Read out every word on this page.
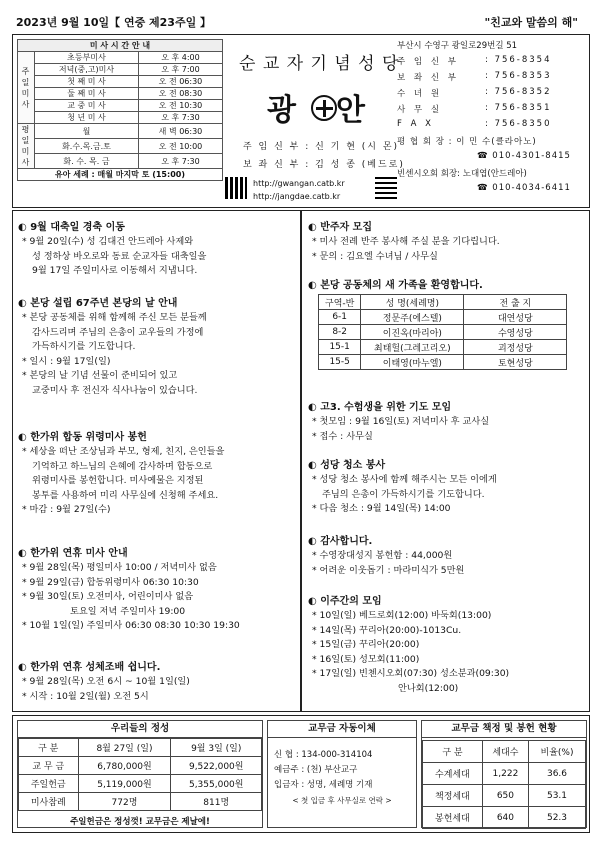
2023년 9월 10일【 연중 제23주일 】	"친교와 말씀의 해"
미 사 시 간 안 내		
주 일 미 사	초등부미사	오 후 4:00
	저녁(중,고)미사	오 후 7:00
	첫 째 미 사	오 전 06:30
	둘 째 미 사	오 전 08:30
	교 중 미 사	오 전 10:30
	청 년 미 사	오 후 7:30
평 일 미 사	월	새 벽 06:30
	화.수.목.금.토	오 전 10:00
	화. 수. 목. 금	오 후 7:30
유아 세례 : 매월 마지막 토 (15:00)		
순 교 자 기 념 성 당
광 안
주 임 신 부 : 신 기 현 (시 몬)
보 좌 신 부 : 김 성 종 (베드로)
http://gwangan.catb.kr
http://jangdae.catb.kr
부산시 수영구 광일로29번길 51
주 임 신 부	: 756-8354
보 좌 신 부	: 756-8353
수 녀 원	: 756-8352
사 무 실	: 756-8351
F A X	: 756-8350
평 협 회 장 : 이 민 수(클라아노)
☎ 010-4301-8415
빈센시오회 회장: 노대엽(안드레아)
☎ 010-4034-6411
◐ 9월 대축일 경축 이동

* 9월 20일(수) 성 김대건 안드레아 사제와

성 정하상 바오로와 동료 순교자들 대축일을

9월 17일 주일미사로 이동해서 지냅니다.

◐ 본당 설립 67주년 본당의 날 안내

* 본당 공동체를 위해 함께해 주신 모든 분들께

감사드리며 주님의 은총이 교우들의 가정에

가득하시기를 기도합니다.

* 일시 : 9월 17일(일)

* 본당의 날 기념 선물이 준비되어 있고

교중미사 후 전신자 식사나눔이 있습니다.

◐ 한가위 합동 위령미사 봉헌

* 세상을 떠난 조상님과 부모, 형제, 친지, 은인들을

기억하고 하느님의 은혜에 감사하며 합동으로

위령미사를 봉헌합니다. 미사예물은 지정된

봉투를 사용하여 미리 사무실에 신청해 주세요.

* 마감 : 9월 27일(수)

◐ 한가위 연휴 미사 안내

* 9월 28일(목) 평일미사 10:00 / 저녁미사 없음

* 9월 29일(금) 합동위령미사 06:30 10:30

* 9월 30일(토) 오전미사, 어린이미사 없음

토요일 저녁 주일미사 19:00

* 10월 1일(일) 주일미사 06:30 08:30 10:30 19:30

◐ 한가위 연휴 성체조배 쉽니다.

* 9월 28일(목) 오전 6시 ~ 10월 1일(일)

* 시작 : 10월 2일(월) 오전 5시

◐ 반주자 모집

* 미사 전례 반주 봉사해 주실 분을 기다립니다.

* 문의 : 김요엘 수녀님 / 사무실

◐ 본당 공동체의 새 가족을 환영합니다.
구역-반	성 명(세례명)	전 출 지
6-1	정문주(에스텔)	대연성당
8-2	이진옥(마리아)	수영성당
15-1	최태헐(그레고리오)	괴정성당
15-5	이태영(마누엘)	토현성당
◐ 고3. 수험생을 위한 기도 모임

* 첫모임 : 9월 16일(토) 저녁미사 후 교사실

* 접수 : 사무실

◐ 성당 청소 봉사

* 성당 청소 봉사에 함께 해주시는 모든 이에게

주님의 은총이 가득하시기를 기도합니다.

* 다음 청소 : 9월 14일(목) 14:00

◐ 감사합니다.

* 수영장대성지 봉헌함 : 44,000원

* 어려운 이웃돕기 : 마라미식가 5만원

◐ 이주간의 모임

* 10일(일) 베드로회(12:00) 바둑회(13:00)

* 14일(목) 꾸리아(20:00)-1013Cu.

* 15일(금) 꾸리아(20:00)

* 16일(토) 성모회(11:00)

* 17일(일) 빈첸시오회(07:30) 성소분과(09:30)

안나회(12:00)

우리들의 정성
구 분	8월 27일 (일)	9월 3일 (일)
교 무 금	6,780,000원	9,522,000원
주일헌금	5,119,000원	5,355,000원
미사참례	772명	811명
주일헌금은 정성껏! 교무금은 제날에!
교무금 자동이체
신 협 : 134-000-314104
예금주 : (천) 부산교구
입금자 : 성명, 세례명 기재
< 첫 입금 후 사무실로 연락 >
교무금 책정 및 봉헌 현황
구 분	세대수	비율(%)
수계세대	1,222	36.6
책정세대	650	53.1
봉헌세대	640	52.3
